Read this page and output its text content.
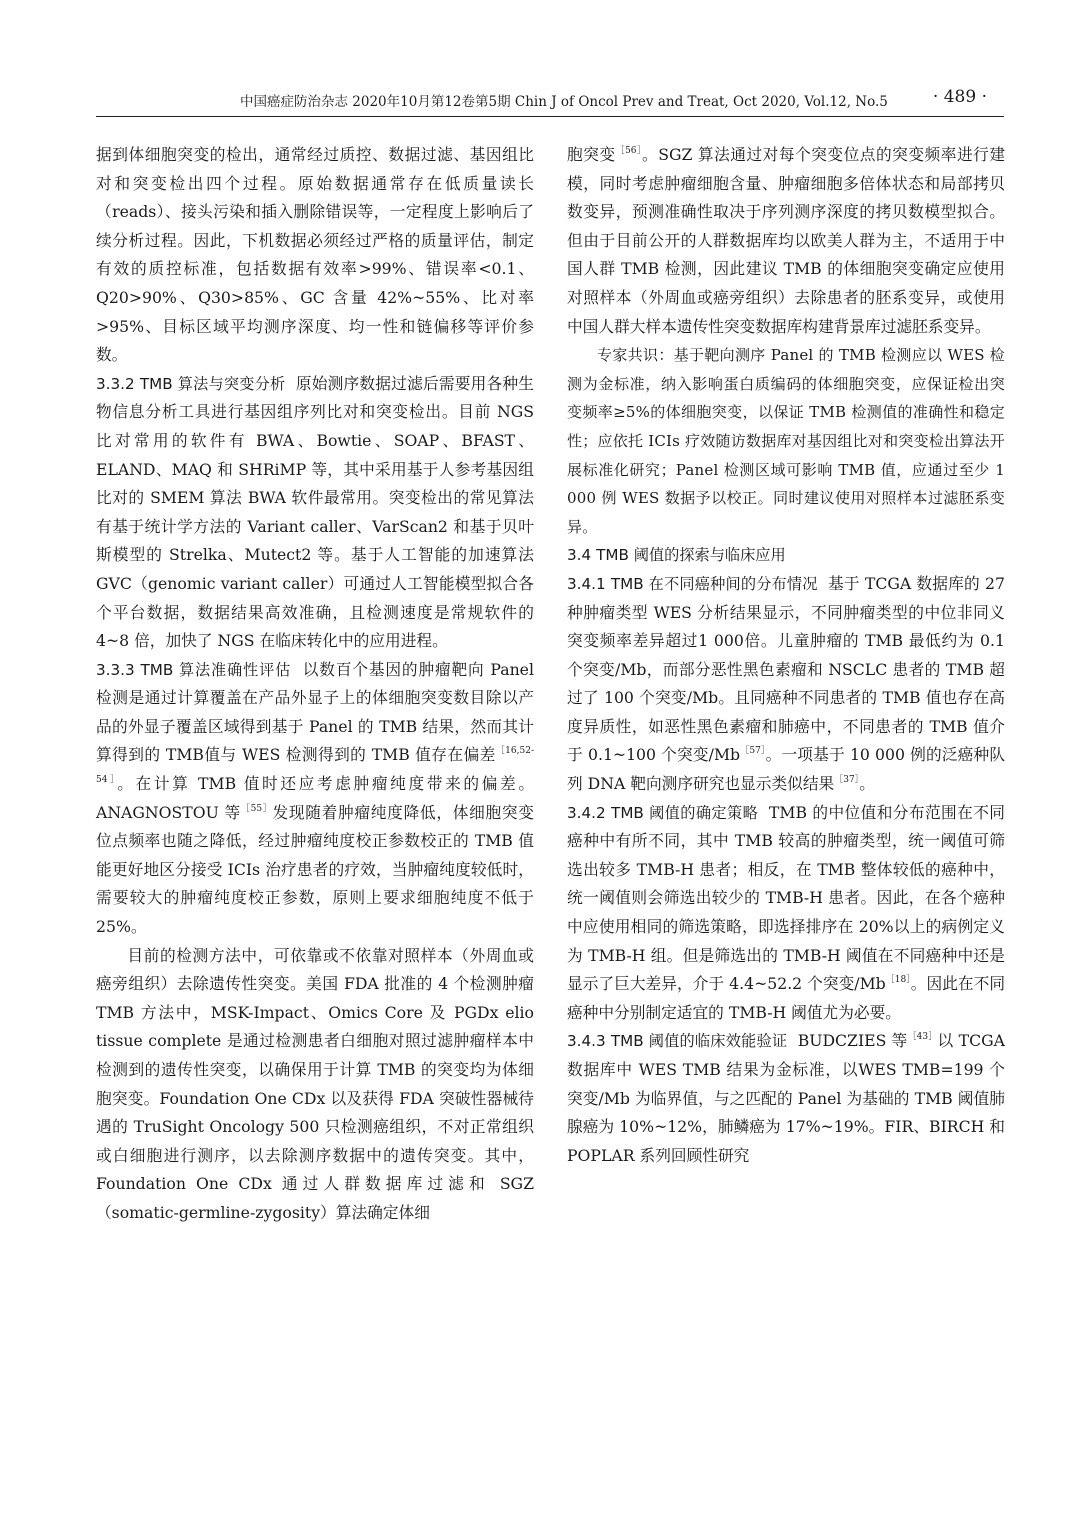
中国癌症防治杂志 2020年10月第12卷第5期 Chin J of Oncol Prev and Treat, Oct 2020, Vol.12, No.5	· 489 ·

据到体细胞突变的检出，通常经过质控、数据过滤、基因组比对和突变检出四个过程。原始数据通常存在低质量读长（reads）、接头污染和插入删除错误等，一定程度上影响后了续分析过程。因此，下机数据必须经过严格的质量评估，制定有效的质控标准，包括数据有效率>99%、错误率<0.1、Q20>90%、Q30>85%、GC 含量 42%~55%、比对率>95%、目标区域平均测序深度、均一性和链偏移等评价参数。

3.3.2 TMB 算法与突变分析 原始测序数据过滤后需要用各种生物信息分析工具进行基因组序列比对和突变检出。目前 NGS 比对常用的软件有 BWA、Bowtie、SOAP、BFAST、ELAND、MAQ 和 SHRiMP 等，其中采用基于人参考基因组比对的 SMEM 算法 BWA 软件最常用。突变检出的常见算法有基于统计学方法的 Variant caller、VarScan2 和基于贝叶斯模型的 Strelka、Mutect2 等。基于人工智能的加速算法 GVC（genomic variant caller）可通过人工智能模型拟合各个平台数据，数据结果高效准确，且检测速度是常规软件的 4~8 倍，加快了 NGS 在临床转化中的应用进程。

3.3.3 TMB 算法准确性评估 以数百个基因的肿瘤靶向 Panel 检测是通过计算覆盖在产品外显子上的体细胞突变数目除以产品的外显子覆盖区域得到基于 Panel 的 TMB 结果，然而其计算得到的 TMB值与 WES 检测得到的 TMB 值存在偏差$^{[16,52-54]}$。在计算 TMB 值时还应考虑肿瘤纯度带来的偏差。ANAGNOSTOU 等$^{[55]}$发现随着肿瘤纯度降低，体细胞突变位点频率也随之降低，经过肿瘤纯度校正参数校正的 TMB 值能更好地区分接受 ICIs 治疗患者的疗效，当肿瘤纯度较低时，需要较大的肿瘤纯度校正参数，原则上要求细胞纯度不低于 25%。

目前的检测方法中，可依靠或不依靠对照样本（外周血或癌旁组织）去除遗传性突变。美国 FDA 批准的 4 个检测肿瘤 TMB 方法中，MSK-Impact、Omics Core 及 PGDx elio tissue complete 是通过检测患者白细胞对照过滤肿瘤样本中检测到的遗传性突变，以确保用于计算 TMB 的突变均为体细胞突变。Foundation One CDx 以及获得 FDA 突破性器械待遇的 TruSight Oncology 500 只检测癌组织，不对正常组织或白细胞进行测序，以去除测序数据中的遗传突变。其中，Foundation One CDx 通过人群数据库过滤和 SGZ（somatic-germline-zygosity）算法确定体细

胞突变$^{[56]}$。SGZ 算法通过对每个突变位点的突变频率进行建模，同时考虑肿瘤细胞含量、肿瘤细胞多倍体状态和局部拷贝数变异，预测准确性取决于序列测序深度的拷贝数模型拟合。但由于目前公开的人群数据库均以欧美人群为主，不适用于中国人群 TMB 检测，因此建议 TMB 的体细胞突变确定应使用对照样本（外周血或癌旁组织）去除患者的胚系变异，或使用中国人群大样本遗传性突变数据库构建背景库过滤胚系变异。

专家共识：基于靶向测序 Panel 的 TMB 检测应以 WES 检测为金标准，纳入影响蛋白质编码的体细胞突变，应保证检出突变频率≥5%的体细胞突变，以保证 TMB 检测值的准确性和稳定性；应依托 ICIs 疗效随访数据库对基因组比对和突变检出算法开展标准化研究；Panel 检测区域可影响 TMB 值，应通过至少 1 000 例 WES 数据予以校正。同时建议使用对照样本过滤胚系变异。

3.4 TMB 阈值的探索与临床应用

3.4.1 TMB 在不同癌种间的分布情况 基于 TCGA 数据库的 27 种肿瘤类型 WES 分析结果显示，不同肿瘤类型的中位非同义突变频率差异超过1 000倍。儿童肿瘤的 TMB 最低约为 0.1 个突变/Mb，而部分恶性黑色素瘤和 NSCLC 患者的 TMB 超过了 100 个突变/Mb。且同癌种不同患者的 TMB 值也存在高度异质性，如恶性黑色素瘤和肺癌中，不同患者的 TMB 值介于 0.1~100 个突变/Mb$^{[57]}$。一项基于 10 000 例的泛癌种队列 DNA 靶向测序研究也显示类似结果$^{[37]}$。

3.4.2 TMB 阈值的确定策略 TMB 的中位值和分布范围在不同癌种中有所不同，其中 TMB 较高的肿瘤类型，统一阈值可筛选出较多 TMB-H 患者；相反，在 TMB 整体较低的癌种中，统一阈值则会筛选出较少的 TMB-H 患者。因此，在各个癌种中应使用相同的筛选策略，即选择排序在 20%以上的病例定义为 TMB-H 组。但是筛选出的 TMB-H 阈值在不同癌种中还是显示了巨大差异，介于 4.4~52.2 个突变/Mb$^{[18]}$。因此在不同癌种中分别制定适宜的 TMB-H 阈值尤为必要。

3.4.3 TMB 阈值的临床效能验证 BUDCZIES 等$^{[43]}$以 TCGA 数据库中 WES TMB 结果为金标准，以WES TMB=199 个突变/Mb 为临界值，与之匹配的 Panel 为基础的 TMB 阈值肺腺癌为 10%~12%，肺鳞癌为 17%~19%。FIR、BIRCH 和 POPLAR 系列回顾性研究
